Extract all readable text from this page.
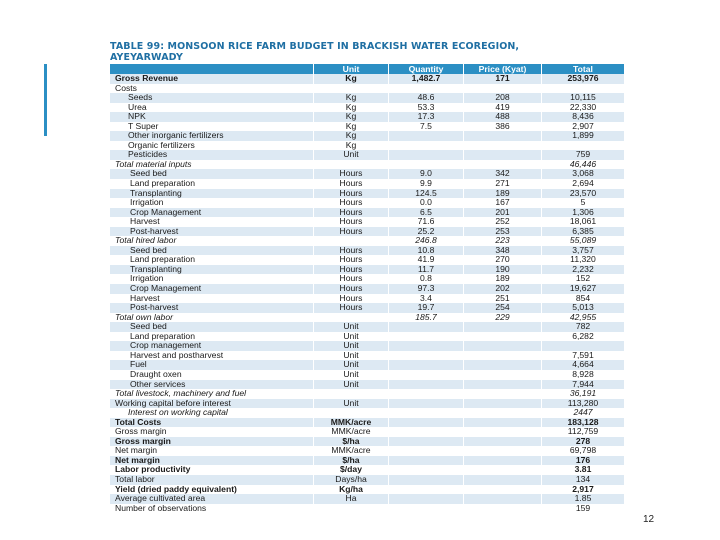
TABLE 99: MONSOON RICE FARM BUDGET IN BRACKISH WATER ECOREGION, AYEYARWADY
	Unit	Quantity	Price (Kyat)	Total
Gross Revenue	Kg	1,482.7	171	253,976
Costs				
Seeds	Kg	48.6	208	10,115
Urea	Kg	53.3	419	22,330
NPK	Kg	17.3	488	8,436
T Super	Kg	7.5	386	2,907
Other inorganic fertilizers	Kg			1,899
Organic fertilizers	Kg			
Pesticides	Unit			759
Total material inputs				46,446
Seed bed	Hours	9.0	342	3,068
Land preparation	Hours	9.9	271	2,694
Transplanting	Hours	124.5	189	23,570
Irrigation	Hours	0.0	167	5
Crop Management	Hours	6.5	201	1,306
Harvest	Hours	71.6	252	18,061
Post-harvest	Hours	25.2	253	6,385
Total hired labor		246.8	223	55,089
Seed bed	Hours	10.8	348	3,757
Land preparation	Hours	41.9	270	11,320
Transplanting	Hours	11.7	190	2,232
Irrigation	Hours	0.8	189	152
Crop Management	Hours	97.3	202	19,627
Harvest	Hours	3.4	251	854
Post-harvest	Hours	19.7	254	5,013
Total own labor		185.7	229	42,955
Seed bed	Unit			782
Land preparation	Unit			6,282
Crop management	Unit			
Harvest and postharvest	Unit			7,591
Fuel	Unit			4,664
Draught oxen	Unit			8,928
Other services	Unit			7,944
Total livestock, machinery and fuel				36,191
Working capital before interest	Unit			113,280
Interest on working capital				2447
Total Costs	MMK/acre			183,128
Gross margin	MMK/acre			112,759
Gross margin	$/ha			278
Net margin	MMK/acre			69,798
Net margin	$/ha			176
Labor productivity	$/day			3.81
Total labor	Days/ha			134
Yield (dried paddy equivalent)	Kg/ha			2,917
Average cultivated area	Ha			1.85
Number of observations				159
12
